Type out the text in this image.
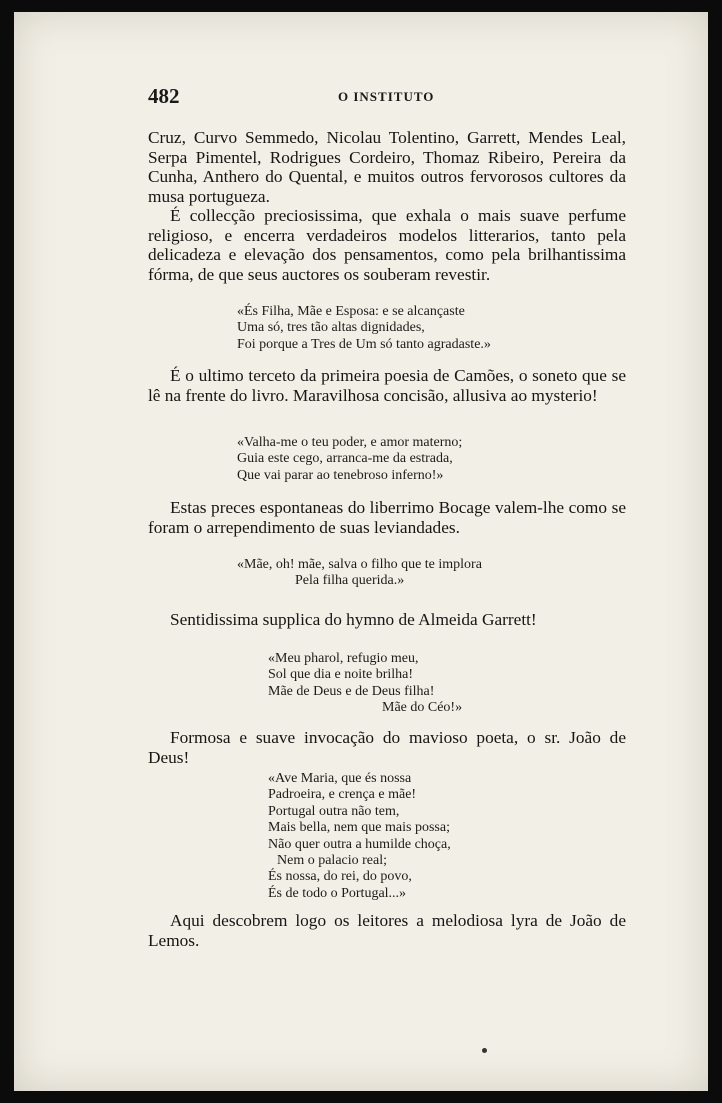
482	O INSTITUTO

Cruz, Curvo Semmedo, Nicolau Tolentino, Garrett, Mendes Leal, Serpa Pimentel, Rodrigues Cordeiro, Thomaz Ribeiro, Pereira da Cunha, Anthero do Quental, e muitos outros fervorosos cultores da musa portugueza.

É collecção preciosissima, que exhala o mais suave perfume religioso, e encerra verdadeiros modelos litterarios, tanto pela delicadeza e elevação dos pensamentos, como pela brilhantissima fórma, de que seus auctores os souberam revestir.

«És Filha, Mãe e Esposa: e se alcançaste
Uma só, tres tão altas dignidades,
Foi porque a Tres de Um só tanto agradaste.»

É o ultimo terceto da primeira poesia de Camões, o soneto que se lê na frente do livro. Maravilhosa concisão, allusiva ao mysterio!

«Valha-me o teu poder, e amor materno;
Guia este cego, arranca-me da estrada,
Que vai parar ao tenebroso inferno!»

Estas preces espontaneas do liberrimo Bocage valem-lhe como se foram o arrependimento de suas leviandades.

«Mãe, oh! mãe, salva o filho que te implora
Pela filha querida.»

Sentidissima supplica do hymno de Almeida Garrett!

«Meu pharol, refugio meu,
Sol que dia e noite brilha!
Mãe de Deus e de Deus filha!
Mãe do Céo!»

Formosa e suave invocação do mavioso poeta, o sr. João de Deus!

«Ave Maria, que és nossa
Padroeira, e crença e mãe!
Portugal outra não tem,
Mais bella, nem que mais possa;
Não quer outra a humilde choça,
Nem o palacio real;
És nossa, do rei, do povo,
És de todo o Portugal...»

Aqui descobrem logo os leitores a melodiosa lyra de João de Lemos.
